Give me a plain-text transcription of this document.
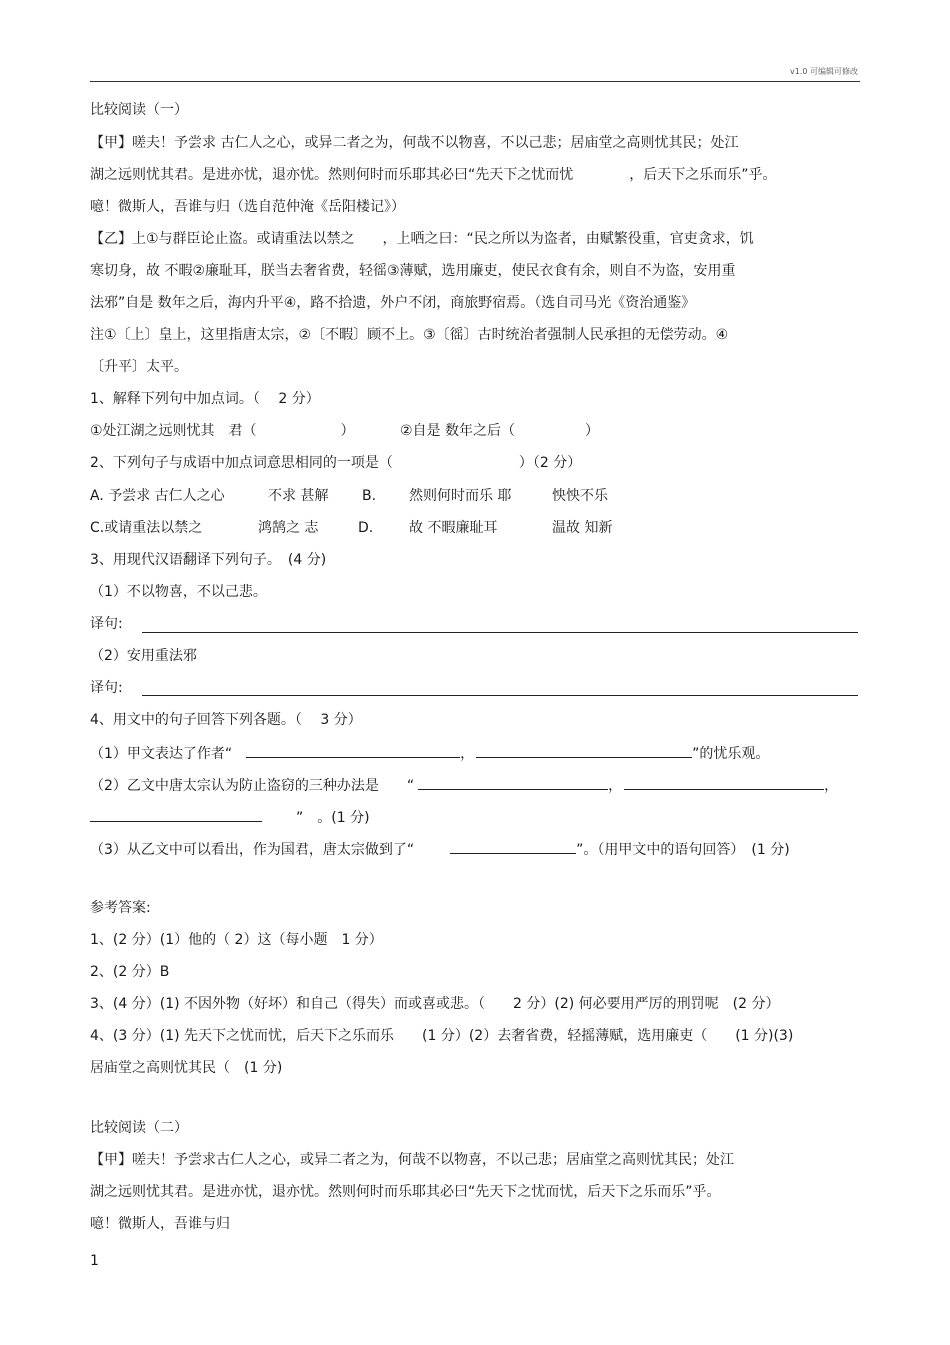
v1.0 可编辑可修改
比较阅读（一）
【甲】嗟夫！予尝求 古仁人之心，或异二者之为，何哉不以物喜，不以己悲；居庙堂之高则忧其民；处江
湖之远则忧其君。是进亦忧，退亦忧。然则何时而乐耶其必曰“先天下之忧而忧　　　　，后天下之乐而乐”乎。
噫！微斯人，吾谁与归（选自范仲淹《岳阳楼记》）
【乙】上①与群臣论止盗。或请重法以禁之　　，上哂之曰：“民之所以为盗者，由赋繁役重，官吏贪求，饥
寒切身，故 不暇②廉耻耳，朕当去奢省费，轻徭③薄赋，选用廉吏，使民衣食有余，则自不为盗，安用重
法邪”自是 数年之后，海内升平④，路不拾遗，外户不闭，商旅野宿焉。（选自司马光《资治通鉴》
注①〔上〕皇上，这里指唐太宗，②〔不暇〕顾不上。③〔徭〕古时统治者强制人民承担的无偿劳动。④
〔升平〕太平。
1、解释下列句中加点词。（　 2 分）
①处江湖之远则忧其　君（　　　　　　）	②自是 数年之后（　　　　　）
2、下列句子与成语中加点词意思相同的一项是（　　　　　　　　　）（2 分）
A. 予尝求 古仁人之心	不求 甚解 B. 然则何时而乐 耶	怏怏不乐
C.或请重法以禁之	鸿鹄之 志	D.	故 不暇廉耻耳	温故 知新
3、用现代汉语翻译下列句子。　(4 分)
（1）不以物喜，不以己悲。
译句:
（2）安用重法邪
译句:
4、用文中的句子回答下列各题。（　 3 分）
（1）甲文表达了作者“	，	”的忧乐观。
（2）乙文中唐太宗认为防止盗窃的三种办法是　　“	，	，
”　。(1 分)
（3）从乙文中可以看出，作为国君，唐太宗做到了“	”。（用甲文中的语句回答）　(1 分)
参考答案:
1、(2 分）(1）他的（ 2）这（每小题　1 分）
2、(2 分）B
3、(4 分）(1) 不因外物（好坏）和自己（得失）而或喜或悲。（　　2 分）(2) 何必要用严厉的刑罚呢　(2 分）
4、(3 分）(1) 先天下之忧而忧，后天下之乐而乐　　(1 分）(2）去奢省费，轻摇薄赋，选用廉吏（　　(1 分)(3)
居庙堂之高则忧其民（　(1 分)
比较阅读（二）
【甲】嗟夫！予尝求古仁人之心，或异二者之为，何哉不以物喜，不以己悲；居庙堂之高则忧其民；处江
湖之远则忧其君。是进亦忧，退亦忧。然则何时而乐耶其必曰“先天下之忧而忧，后天下之乐而乐”乎。
噫！微斯人，吾谁与归
1
